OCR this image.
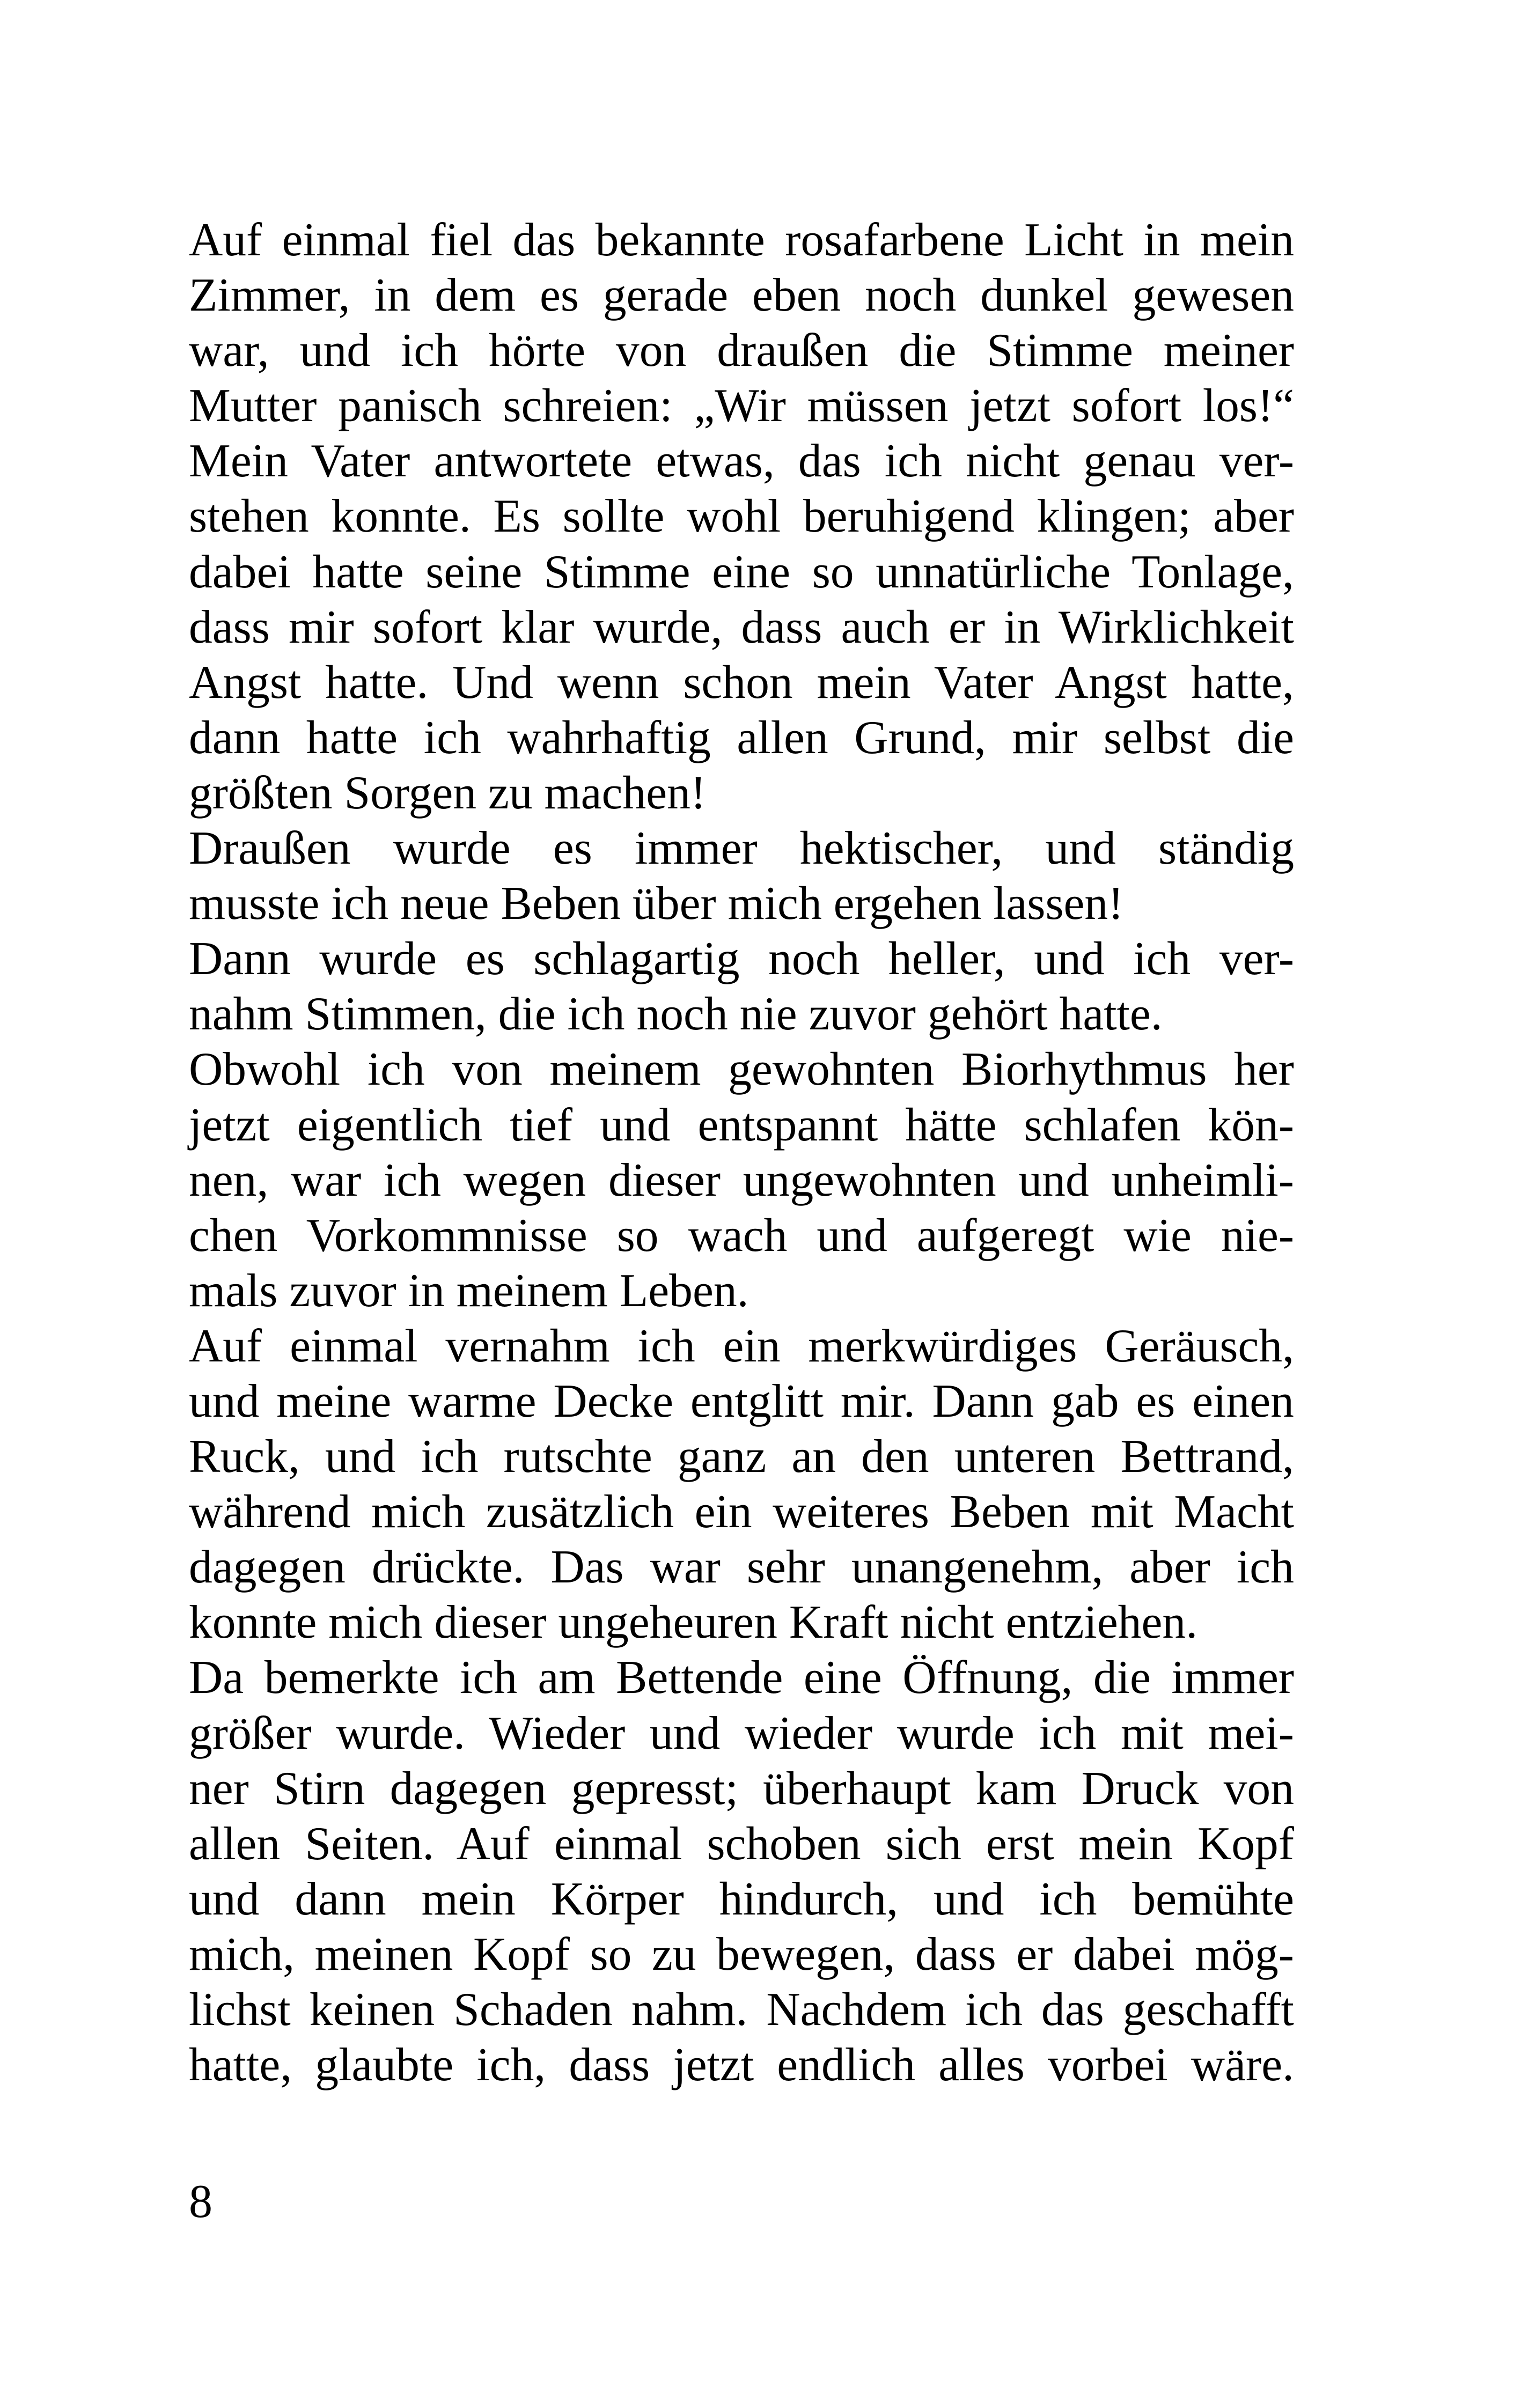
Auf einmal fiel das bekannte rosafarbene Licht in mein
Zimmer, in dem es gerade eben noch dunkel gewesen
war, und ich hörte von draußen die Stimme meiner
Mutter panisch schreien: „Wir müssen jetzt sofort los!“
Mein Vater antwortete etwas, das ich nicht genau ver-
stehen konnte. Es sollte wohl beruhigend klingen; aber
dabei hatte seine Stimme eine so unnatürliche Tonlage,
dass mir sofort klar wurde, dass auch er in Wirklichkeit
Angst hatte. Und wenn schon mein Vater Angst hatte,
dann hatte ich wahrhaftig allen Grund, mir selbst die
größten Sorgen zu machen!
Draußen wurde es immer hektischer, und ständig
musste ich neue Beben über mich ergehen lassen!
Dann wurde es schlagartig noch heller, und ich ver-
nahm Stimmen, die ich noch nie zuvor gehört hatte.
Obwohl ich von meinem gewohnten Biorhythmus her
jetzt eigentlich tief und entspannt hätte schlafen kön-
nen, war ich wegen dieser ungewohnten und unheimli-
chen Vorkommnisse so wach und aufgeregt wie nie-
mals zuvor in meinem Leben.
Auf einmal vernahm ich ein merkwürdiges Geräusch,
und meine warme Decke entglitt mir. Dann gab es einen
Ruck, und ich rutschte ganz an den unteren Bettrand,
während mich zusätzlich ein weiteres Beben mit Macht
dagegen drückte. Das war sehr unangenehm, aber ich
konnte mich dieser ungeheuren Kraft nicht entziehen.
Da bemerkte ich am Bettende eine Öffnung, die immer
größer wurde. Wieder und wieder wurde ich mit mei-
ner Stirn dagegen gepresst; überhaupt kam Druck von
allen Seiten. Auf einmal schoben sich erst mein Kopf
und dann mein Körper hindurch, und ich bemühte
mich, meinen Kopf so zu bewegen, dass er dabei mög-
lichst keinen Schaden nahm. Nachdem ich das geschafft
hatte, glaubte ich, dass jetzt endlich alles vorbei wäre.
8
